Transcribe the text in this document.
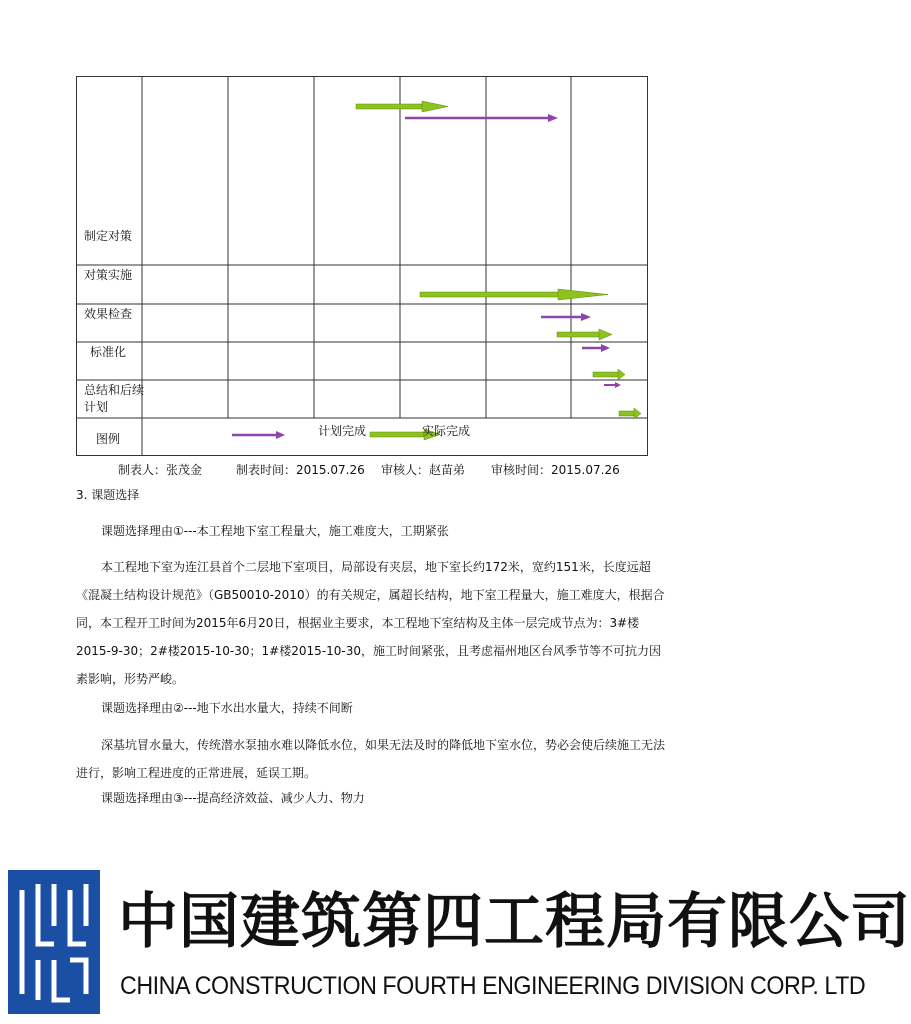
制定对策
对策实施
效果检查
标准化
总结和后续计划
图例
计划完成	实际完成
制表人：张茂金	制表时间：2015.07.26 审核人：赵苗弟 审核时间：2015.07.26
3. 课题选择
课题选择理由①---本工程地下室工程量大，施工难度大，工期紧张
本工程地下室为连江县首个二层地下室项目，局部设有夹层，地下室长约172米，宽约151米，长度远超《混凝土结构设计规范》（GB50010-2010）的有关规定，属超长结构，地下室工程量大，施工难度大，根据合同，本工程开工时间为2015年6月20日，根据业主要求，本工程地下室结构及主体一层完成节点为：3#楼2015-9-30；2#楼2015-10-30；1#楼2015-10-30，施工时间紧张，且考虑福州地区台风季节等不可抗力因素影响，形势严峻。
课题选择理由②---地下水出水量大，持续不间断
深基坑冒水量大，传统潜水泵抽水难以降低水位，如果无法及时的降低地下室水位，势必会使后续施工无法进行，影响工程进度的正常进展，延误工期。
课题选择理由③---提高经济效益、减少人力、物力
中国建筑第四工程局有限公司
CHINA CONSTRUCTION FOURTH ENGINEERING DIVISION CORP. LTD
